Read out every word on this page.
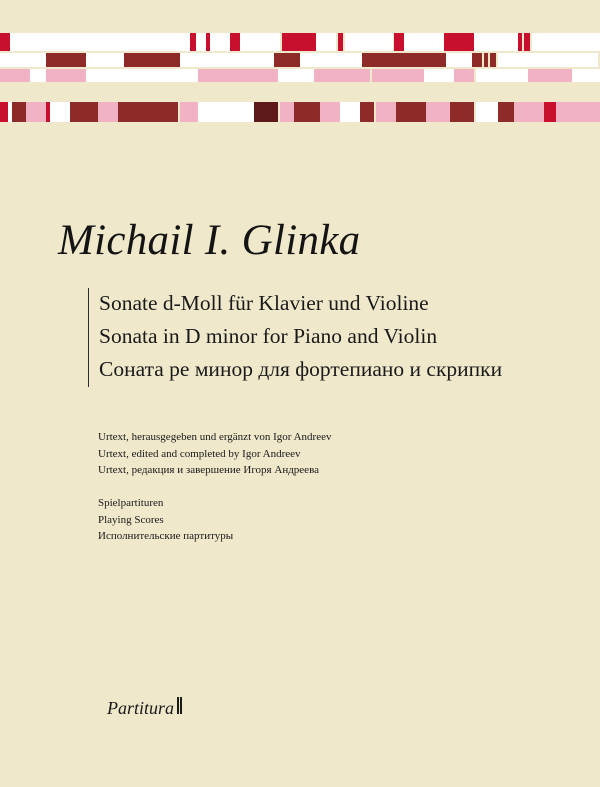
Michail I. Glinka
Sonate d-Moll für Klavier und Violine
Sonata in D minor for Piano and Violin
Соната ре минор для фортепиано и скрипки
Urtext, herausgegeben und ergänzt von Igor Andreev
Urtext, edited and completed by Igor Andreev
Urtext, редакция и завершение Игоря Андреева
Spielpartituren
Playing Scores
Исполнительские партитуры
Partitura
